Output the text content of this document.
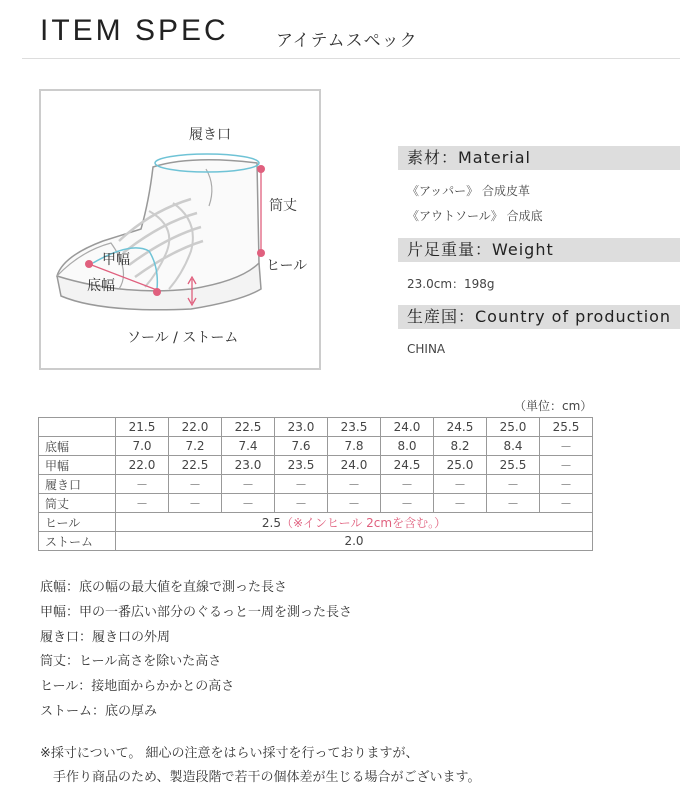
ITEM SPEC	アイテムスペック
履き口
筒丈
甲幅	ヒール
底幅
ソール / ストーム
素材：Material
《アッパー》 合成皮革
《アウトソール》 合成底
片足重量：Weight
23.0cm：198g
生産国：Country of production
CHINA
（単位：cm）
	21.5	22.0	22.5	23.0	23.5	24.0	24.5	25.0	25.5
底幅	7.0	7.2	7.4	7.6	7.8	8.0	8.2	8.4	－
甲幅	22.0	22.5	23.0	23.5	24.0	24.5	25.0	25.5	－
履き口	－	－	－	－	－	－	－	－	－
筒丈	－	－	－	－	－	－	－	－	－
ヒール	2.5（※インヒール 2cmを含む。）								
ストーム	2.0								
底幅：底の幅の最大値を直線で測った長さ
甲幅：甲の一番広い部分のぐるっと一周を測った長さ
履き口：履き口の外周
筒丈：ヒール高さを除いた高さ
ヒール：接地面からかかとの高さ
ストーム：底の厚み
※採寸について。 細心の注意をはらい採寸を行っておりますが、
　手作り商品のため、製造段階で若干の個体差が生じる場合がございます。
